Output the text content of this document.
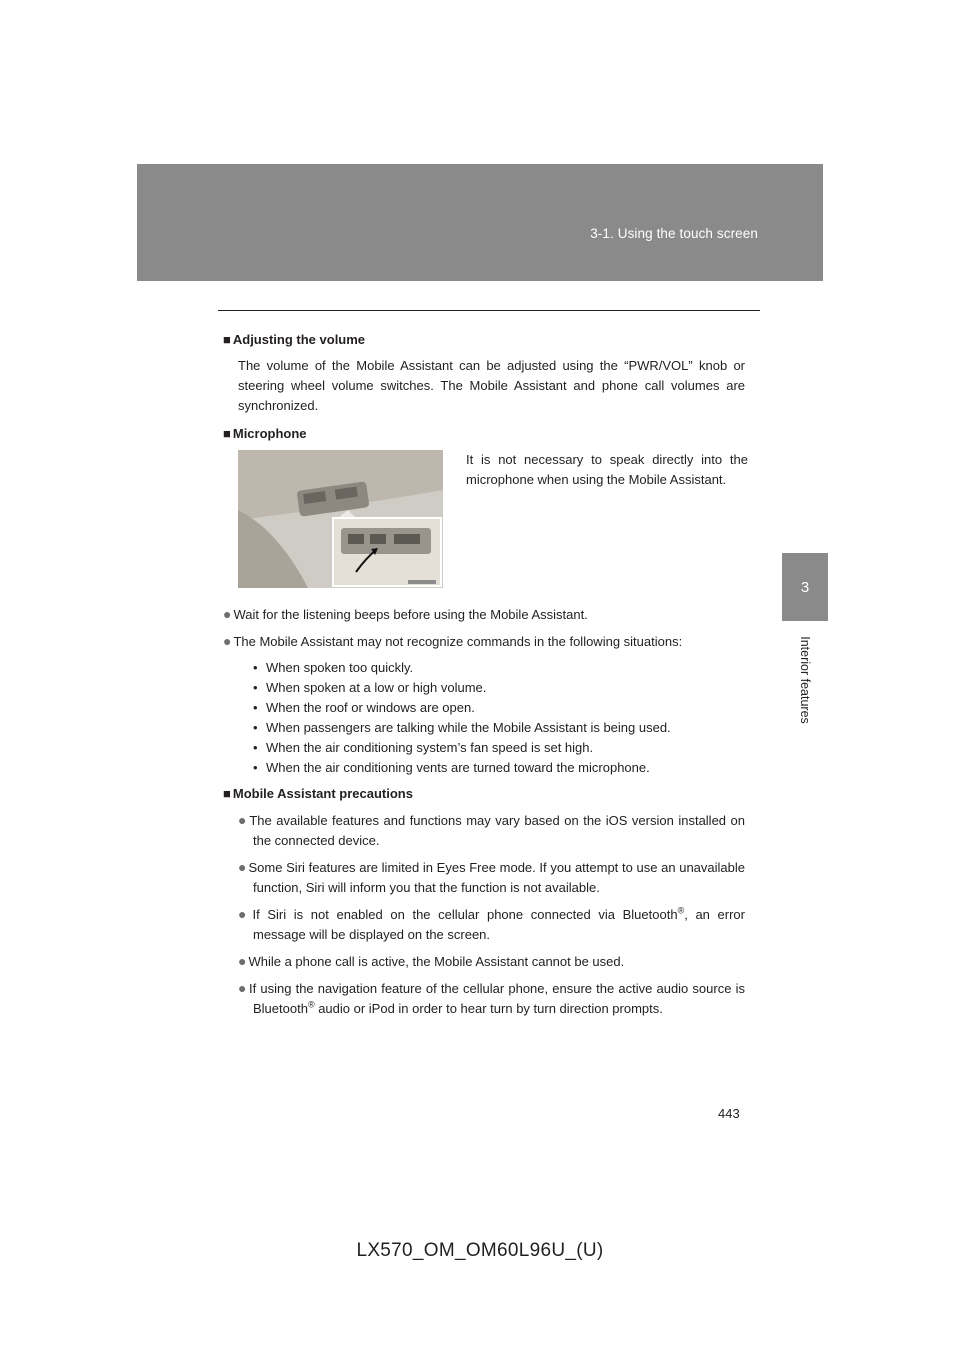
3-1. Using the touch screen
3
Interior features

■ Adjusting the volume

The volume of the Mobile Assistant can be adjusted using the “PWR/VOL” knob or steering wheel volume switches. The Mobile Assistant and phone call volumes are synchronized.

■ Microphone

It is not necessary to speak directly into the microphone when using the Mobile Assistant.

● Wait for the listening beeps before using the Mobile Assistant.

● The Mobile Assistant may not recognize commands in the following situations:

• When spoken too quickly.
• When spoken at a low or high volume.
• When the roof or windows are open.
• When passengers are talking while the Mobile Assistant is being used.
• When the air conditioning system’s fan speed is set high.
• When the air conditioning vents are turned toward the microphone.

■ Mobile Assistant precautions

● The available features and functions may vary based on the iOS version installed on the connected device.

● Some Siri features are limited in Eyes Free mode. If you attempt to use an unavailable function, Siri will inform you that the function is not available.

● If Siri is not enabled on the cellular phone connected via Bluetooth®, an error message will be displayed on the screen.

● While a phone call is active, the Mobile Assistant cannot be used.

● If using the navigation feature of the cellular phone, ensure the active audio source is Bluetooth® audio or iPod in order to hear turn by turn direction prompts.

443
LX570_OM_OM60L96U_(U)
